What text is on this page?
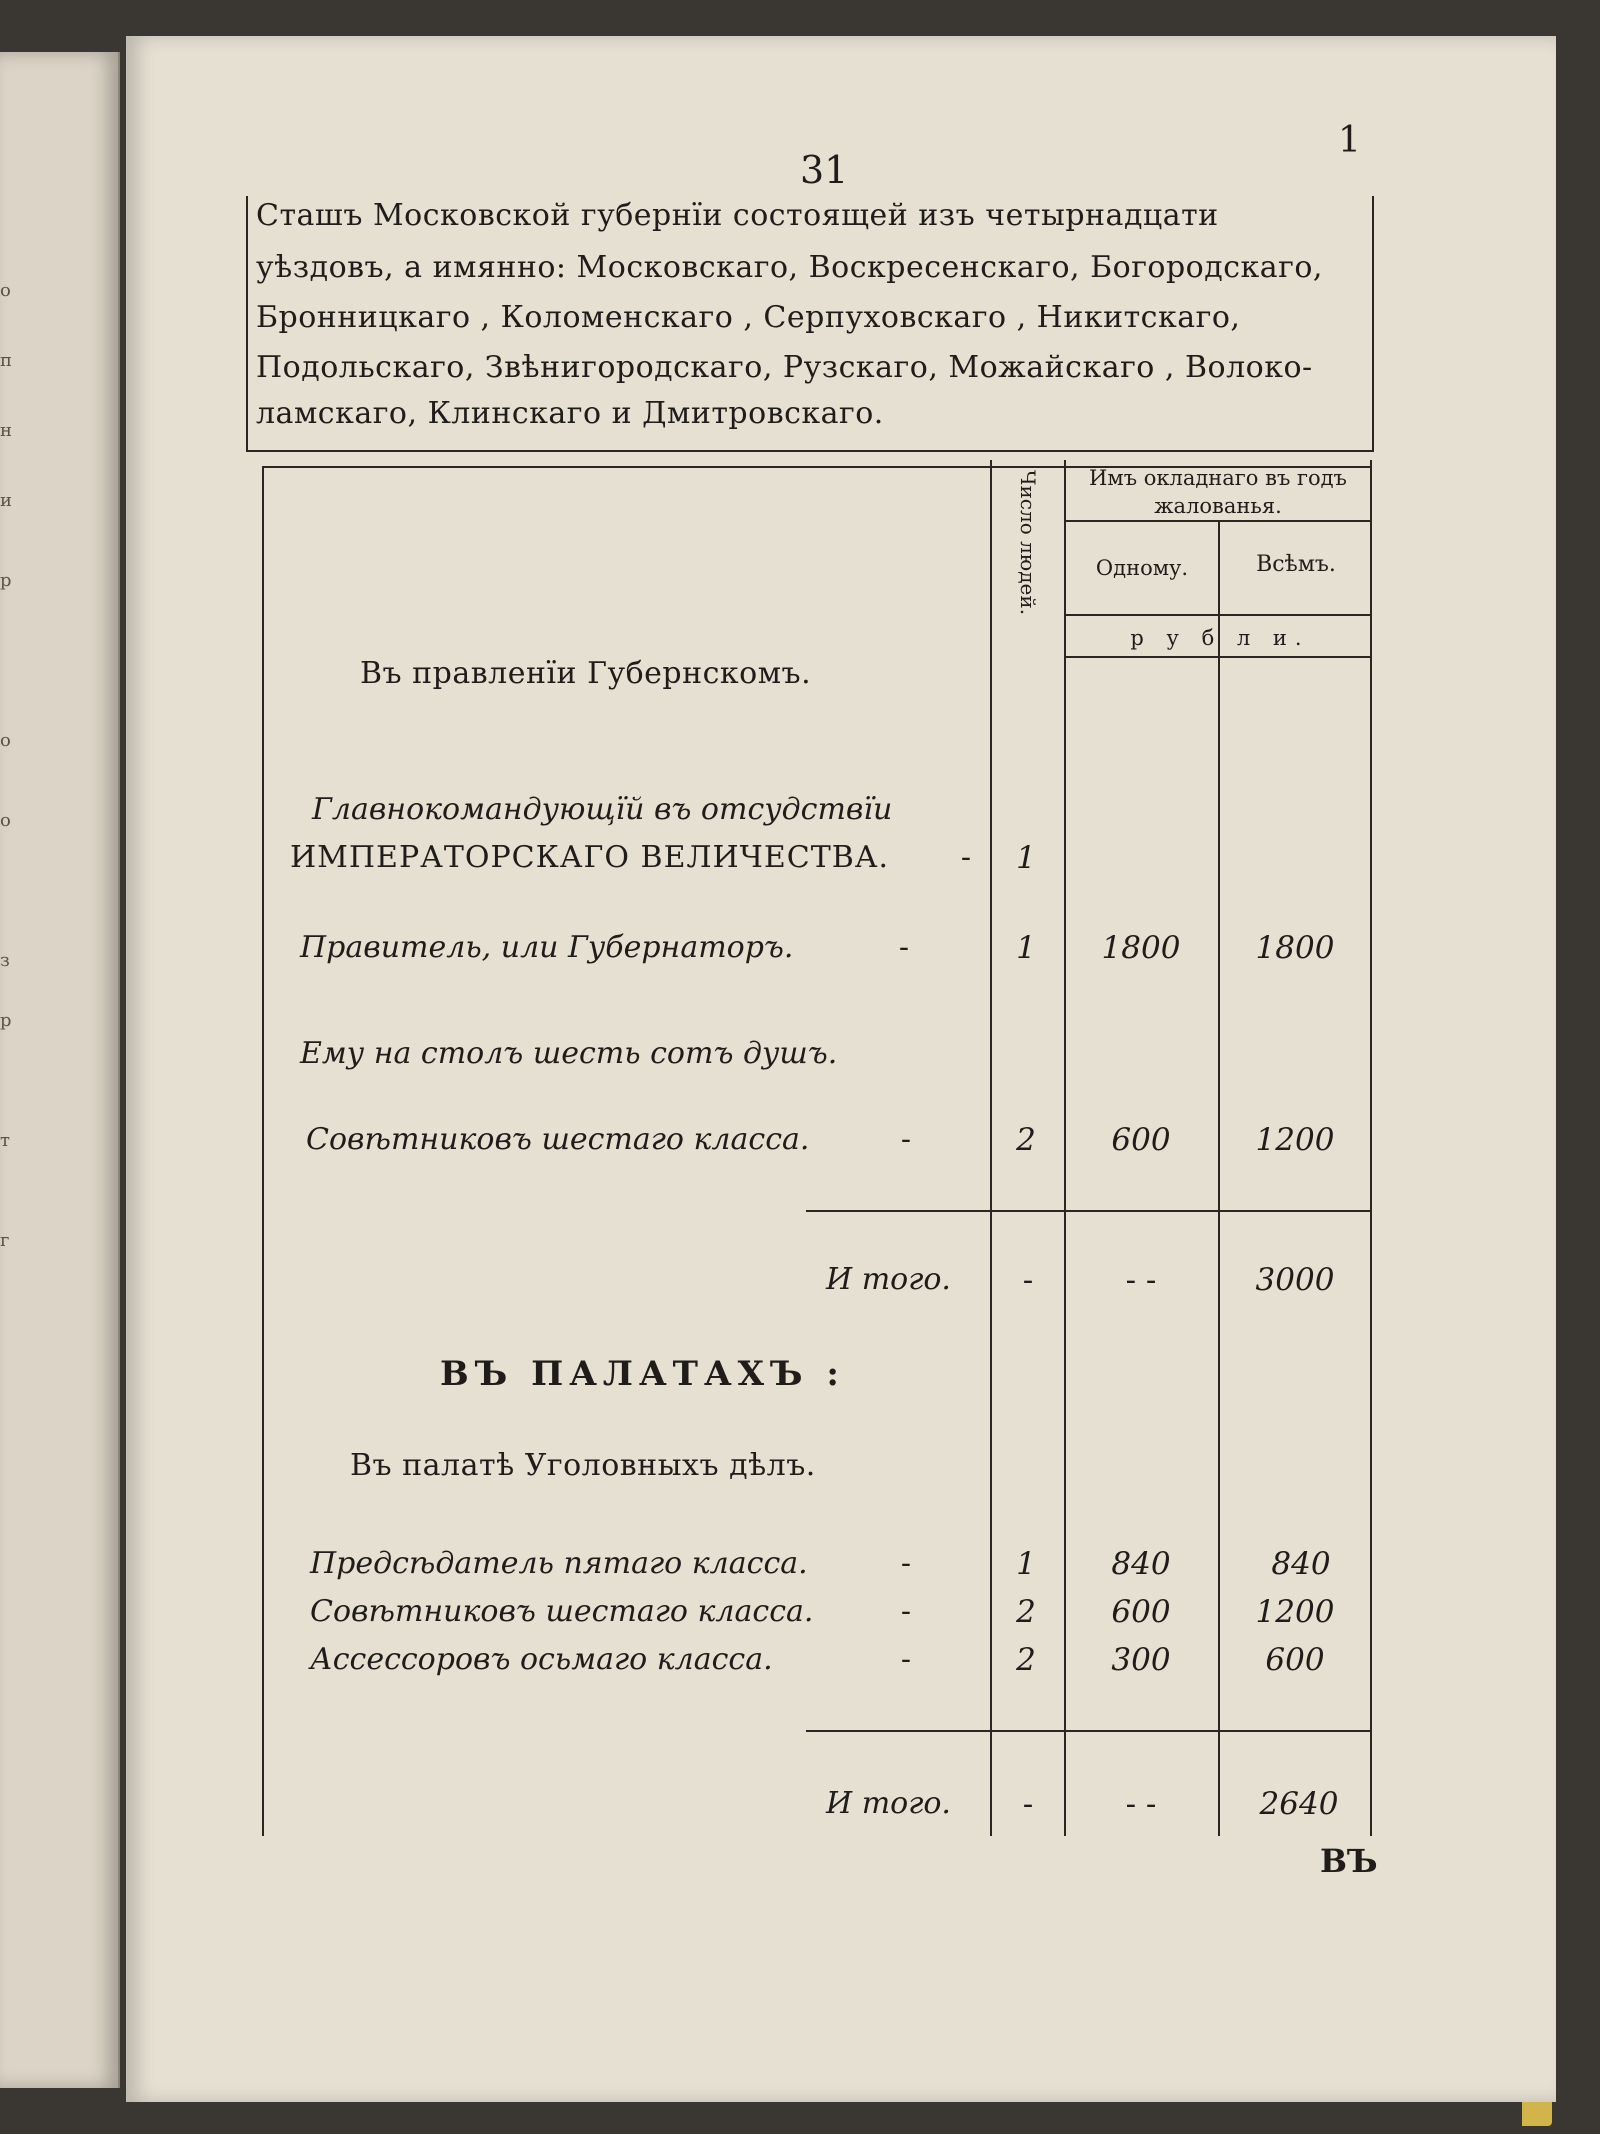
о
п
н
и
р
о
о
з
р
т
г
31
1
Сташъ Московской губернïи состоящей изъ четырнадцати
уѣздовъ, а имянно: Московскаго, Воскресенскаго, Богородскаго,
Бронницкаго , Коломенскаго , Серпуховскаго , Никитскаго,
Подольскаго, Звѣнигородскаго, Рузскаго, Можайскаго , Волоко-
ламскаго, Клинскаго и Дмитровскаго.
Число людей.	Имъ окладнаго въ годъ жалованья.
Одному.	Всѣмъ.
р у б л и.
Въ правленïи Губернскомъ.
Главнокомандующïй въ отсудствïи
ИМПЕРАТОРСКАГО ВЕЛИЧЕСТВА.	-	1
Правитель, или Губернаторъ.	-	1	1800	1800
Ему на столъ шесть сотъ душъ.
Совѣтниковъ шестаго класса.	-	2	600	1200
И того.	-	- -	3000
ВЪ ПАЛАТАХЪ :
Въ палатѣ Уголовныхъ дѣлъ.
Предсѣдатель пятаго класса.	-	1	840	840
Совѣтниковъ шестаго класса.	-	2	600	1200
Ассессоровъ осьмаго класса.	-	2	300	600
И того.	-	- -	2640
ВЪ
